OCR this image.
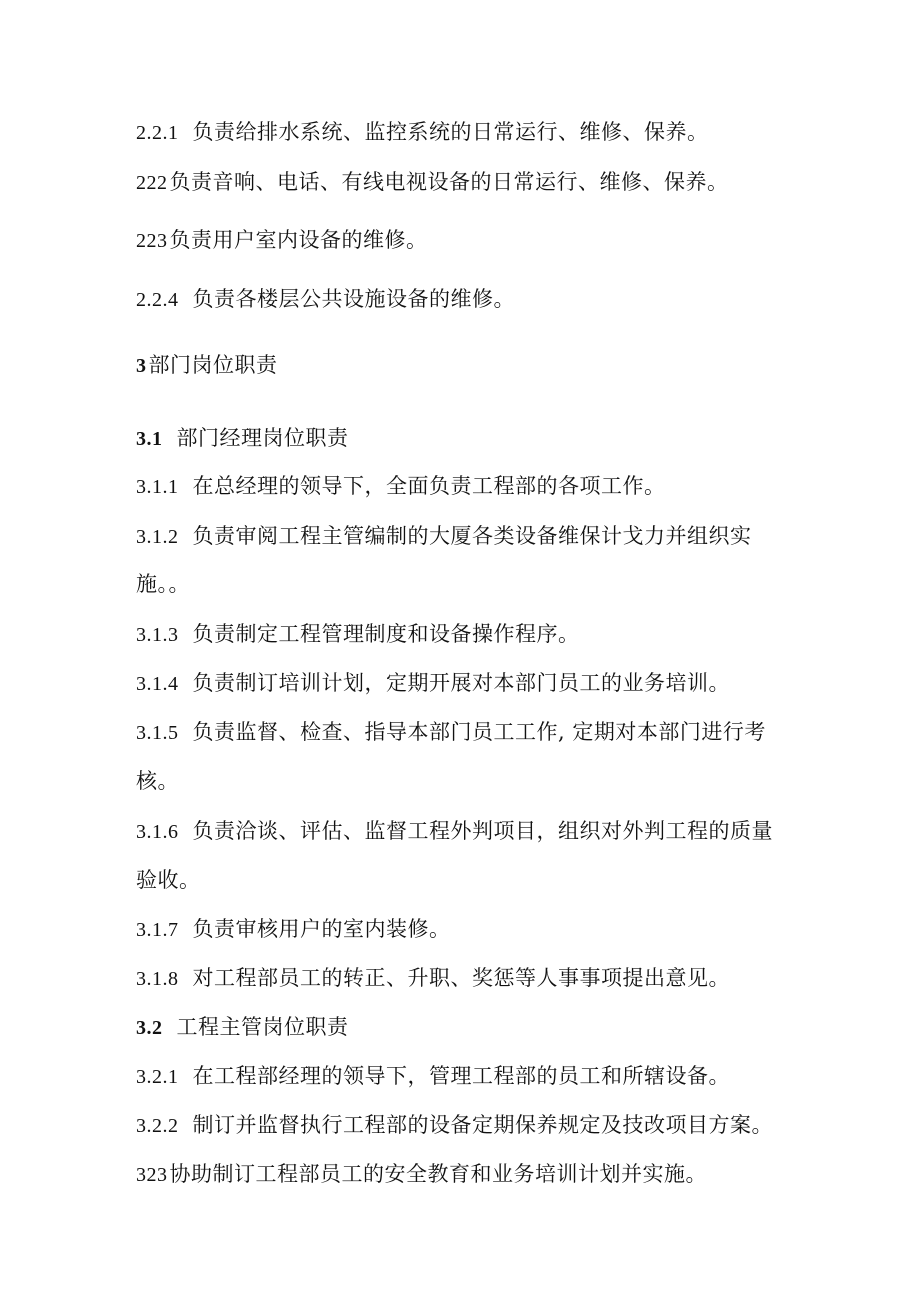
2.2.1 负责给排水系统、监控系统的日常运行、维修、保养。
222负责音响、电话、有线电视设备的日常运行、维修、保养。
223负责用户室内设备的维修。
2.2.4 负责各楼层公共设施设备的维修。
3部门岗位职责
3.1 部门经理岗位职责
3.1.1 在总经理的领导下，全面负责工程部的各项工作。
3.1.2 负责审阅工程主管编制的大厦各类设备维保计戈力并组织实
施。。
3.1.3 负责制定工程管理制度和设备操作程序。
3.1.4 负责制订培训计划，定期开展对本部门员工的业务培训。
3.1.5 负责监督、检查、指导本部门员工工作, 定期对本部门进行考
核。
3.1.6 负责洽谈、评估、监督工程外判项目，组织对外判工程的质量
验收。
3.1.7 负责审核用户的室内装修。
3.1.8 对工程部员工的转正、升职、奖惩等人事事项提出意见。
3.2 工程主管岗位职责
3.2.1 在工程部经理的领导下，管理工程部的员工和所辖设备。
3.2.2 制订并监督执行工程部的设备定期保养规定及技改项目方案。
323协助制订工程部员工的安全教育和业务培训计划并实施。
